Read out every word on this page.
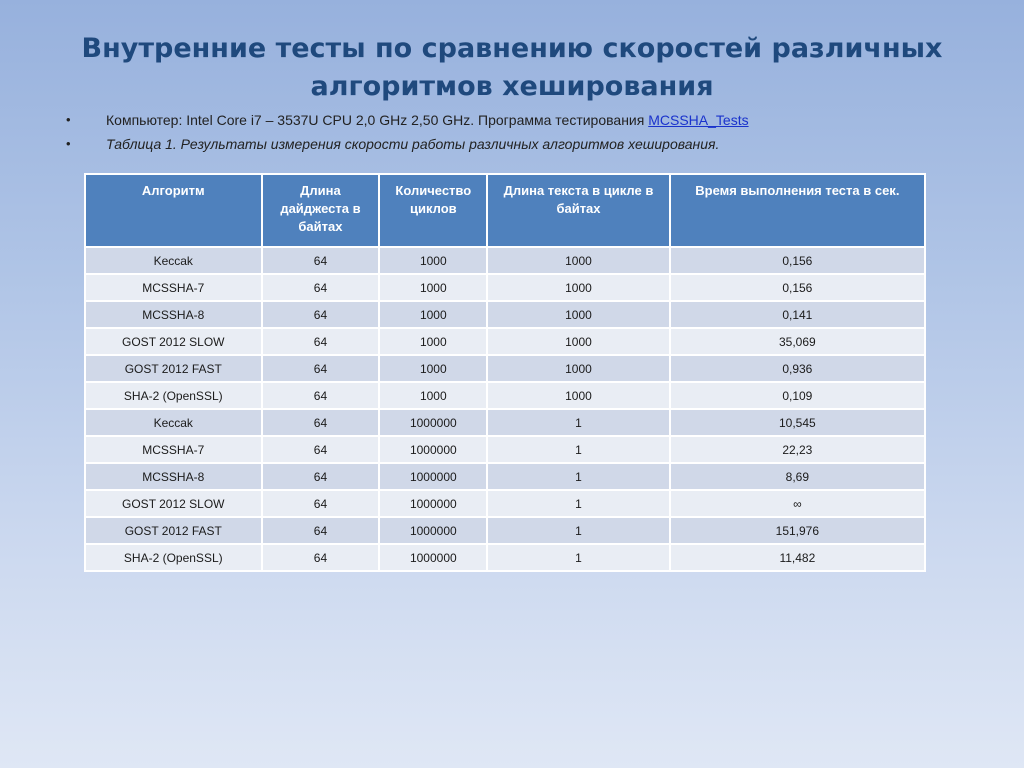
Внутренние тесты по сравнению скоростей различных алгоритмов хеширования
•	Компьютер: Intel Core i7 – 3537U CPU 2,0 GHz 2,50 GHz. Программа тестирования MCSSHA_Tests
•	Таблица 1. Результаты измерения скорости работы различных алгоритмов хеширования.
Алгоритм	Длина дайджеста в байтах	Количество циклов	Длина текста в цикле в байтах	Время выполнения теста в сек.
Keccak	64	1000	1000	0,156
MCSSHA-7	64	1000	1000	0,156
MCSSHA-8	64	1000	1000	0,141
GOST 2012 SLOW	64	1000	1000	35,069
GOST 2012 FAST	64	1000	1000	0,936
SHA-2 (OpenSSL)	64	1000	1000	0,109
Keccak	64	1000000	1	10,545
MCSSHA-7	64	1000000	1	22,23
MCSSHA-8	64	1000000	1	8,69
GOST 2012 SLOW	64	1000000	1	∞
GOST 2012 FAST	64	1000000	1	151,976
SHA-2 (OpenSSL)	64	1000000	1	11,482
